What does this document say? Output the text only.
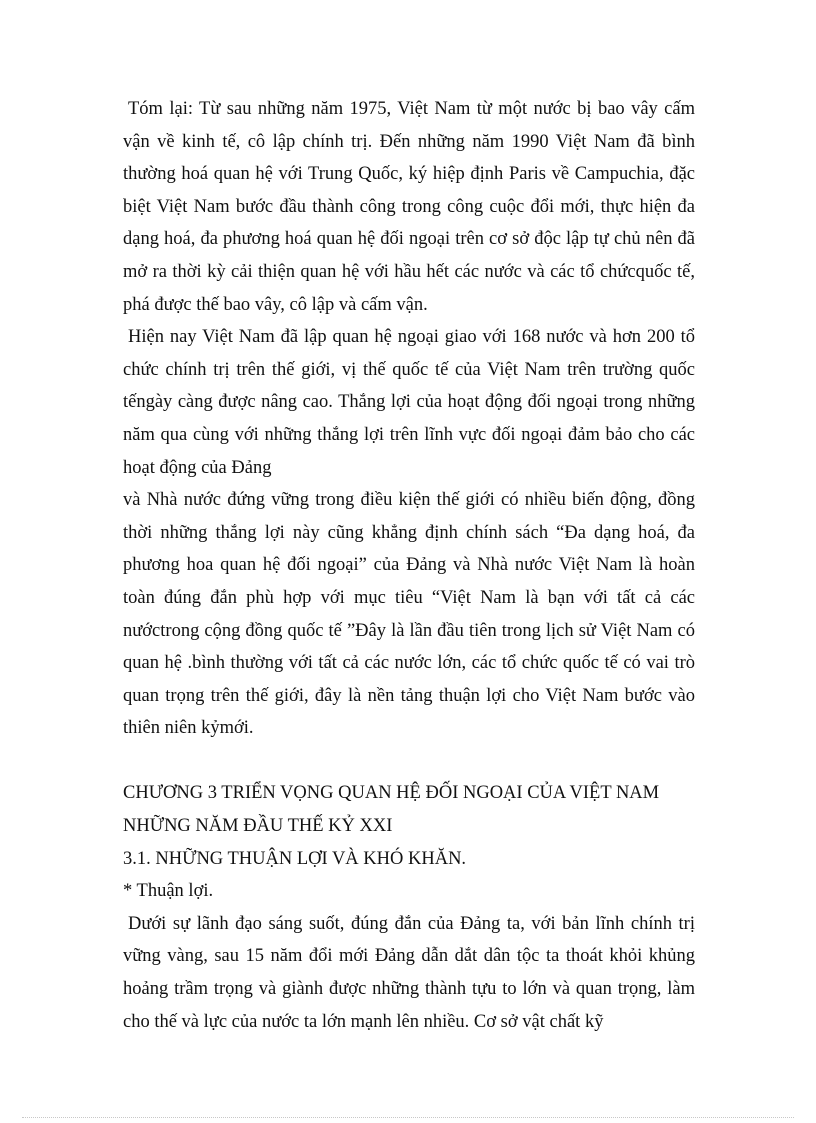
Tóm lại: Từ sau những năm 1975, Việt Nam từ một nước bị bao vây cấm vận về kinh tế, cô lập chính trị. Đến những năm 1990 Việt Nam đã bình thường hoá quan hệ với Trung Quốc, ký hiệp định Paris về Campuchia, đặc biệt Việt Nam bước đầu thành công trong công cuộc đổi mới, thực hiện đa dạng hoá, đa phương hoá quan hệ đối ngoại trên cơ sở độc lập tự chủ nên đã mở ra thời kỳ cải thiện quan hệ với hầu hết các nước và các tổ chứcquốc tế, phá được thế bao vây, cô lập và cấm vận.

Hiện nay Việt Nam đã lập quan hệ ngoại giao với 168 nước và hơn 200 tổ chức chính trị trên thế giới, vị thế quốc tế của Việt Nam trên trường quốc tếngày càng được nâng cao. Thắng lợi của hoạt động đối ngoại trong những năm qua cùng với những thắng lợi trên lĩnh vực đối ngoại đảm bảo cho các hoạt động của Đảng

và Nhà nước đứng vững trong điều kiện thế giới có nhiều biến động, đồng thời những thắng lợi này cũng khẳng định chính sách “Đa dạng hoá, đa phương hoa quan hệ đối ngoại” của Đảng và Nhà nước Việt Nam là hoàn toàn đúng đắn phù hợp với mục tiêu “Việt Nam là bạn với tất cả các nướctrong cộng đồng quốc tế ”Đây là lần đầu tiên trong lịch sử Việt Nam có quan hệ .bình thường với tất cả các nước lớn, các tổ chức quốc tế có vai trò quan trọng trên thế giới, đây là nền tảng thuận lợi cho Việt Nam bước vào thiên niên kỷmới.

CHƯƠNG 3 TRIỂN VỌNG QUAN HỆ ĐỐI NGOẠI CỦA VIỆT NAM

NHỮNG NĂM ĐẦU THẾ KỶ XXI

3.1. NHỮNG THUẬN LỢI VÀ KHÓ KHĂN.

* Thuận lợi.

Dưới sự lãnh đạo sáng suốt, đúng đắn của Đảng ta, với bản lĩnh chính trị vững vàng, sau 15 năm đổi mới Đảng dẫn dắt dân tộc ta thoát khỏi khủng hoảng trầm trọng và giành được những thành tựu to lớn và quan trọng, làm cho thế và lực của nước ta lớn mạnh lên nhiều. Cơ sở vật chất kỹ
